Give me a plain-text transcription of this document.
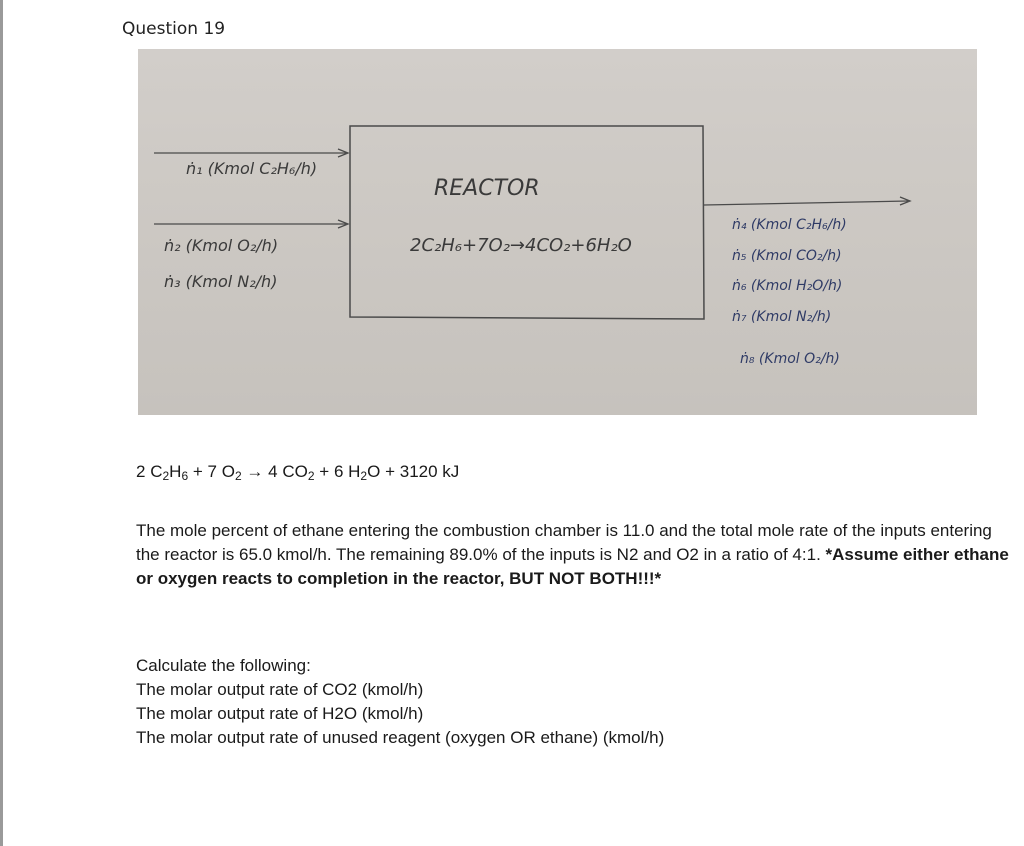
Question 19
REACTOR
2C₂H₆+7O₂→4CO₂+6H₂O
ṅ₁ (Kmol C₂H₆/h)
ṅ₂ (Kmol O₂/h)
ṅ₃ (Kmol N₂/h)
ṅ₄ (Kmol C₂H₆/h)
ṅ₅ (Kmol CO₂/h)
ṅ₆ (Kmol H₂O/h)
ṅ₇ (Kmol N₂/h)
ṅ₈ (Kmol O₂/h)
2 $C_2H_6 + 7$ $O_2 \to 4$ $CO_2 + 6$ $H_2O + 3120$ kJ
The mole percent of ethane entering the combustion chamber is 11.0 and the total mole rate of the inputs entering the reactor is 65.0 kmol/h. The remaining 89.0% of the inputs is N2 and O2 in a ratio of 4:1. *Assume either ethane or oxygen reacts to completion in the reactor, BUT NOT BOTH!!!*
Calculate the following:
The molar output rate of CO2 (kmol/h)
The molar output rate of H2O (kmol/h)
The molar output rate of unused reagent (oxygen OR ethane) (kmol/h)
